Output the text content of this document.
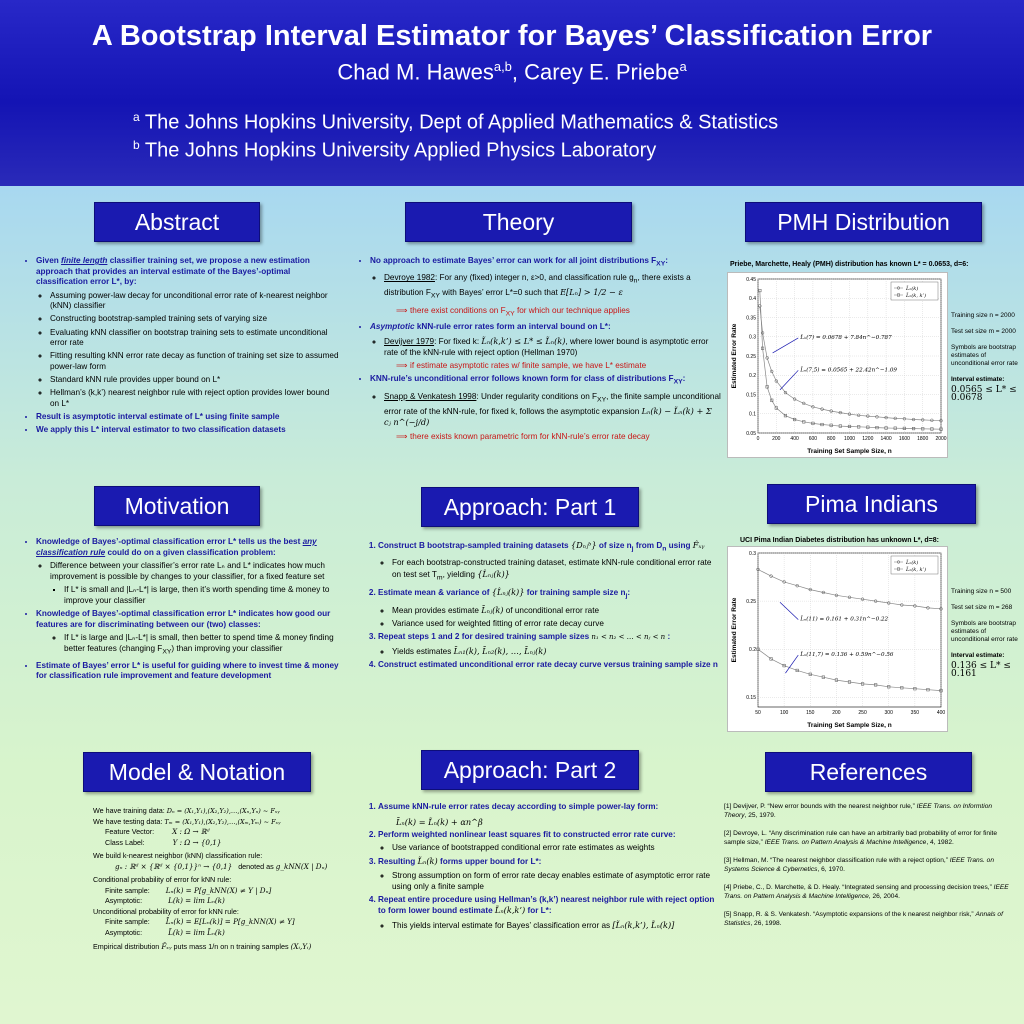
A Bootstrap Interval Estimator for Bayes’ Classification Error
Chad M. Hawes$^{a,b}$, Carey E. Priebe$^a$
$^a$ The Johns Hopkins University, Dept of Applied Mathematics & Statistics
$^b$ The Johns Hopkins University Applied Physics Laboratory
Abstract	Theory	PMH Distribution
Motivation	Approach: Part 1	Pima Indians
Model & Notation	Approach: Part 2	References
• Given finite length classifier training set, we propose a new estimation approach that provides an interval estimate of the Bayes’-optimal classification error L*, by:
◦ Assuming power-law decay for unconditional error rate of k-nearest neighbor (kNN) classifier
◦ Constructing bootstrap-sampled training sets of varying size
◦ Evaluating kNN classifier on bootstrap training sets to estimate unconditional error rate
◦ Fitting resulting kNN error rate decay as function of training set size to assumed power-law form
◦ Standard kNN rule provides upper bound on L*
◦ Hellman’s (k,k’) nearest neighbor rule with reject option provides lower bound on L*
• Result is asymptotic interval estimate of L* using finite sample
• We apply this L* interval estimator to two classification datasets
• No approach to estimate Bayes’ error can work for all joint distributions $F_{XY}$:
◦ Devroye 1982: For any (fixed) integer n, ε>0, and classification rule $g_n$, there exists a distribution $F_{XY}$ with Bayes’ error L*=0 such that E[Lₙ] > 1/2 − ε
⟹ there exist conditions on $F_{XY}$ for which our technique applies
• Asymptotic kNN-rule error rates form an interval bound on L*:
◦ Devijver 1979: For fixed k: L̃ₙ(k,k’) ≤ L* ≤ L̃ₙ(k), where lower bound is asymptotic error rate of the kNN-rule with reject option (Hellman 1970)
⟹ if estimate asymptotic rates w/ finite sample, we have L* estimate
• KNN-rule’s unconditional error follows known form for class of distributions $F_{XY}$:
◦ Snapp & Venkatesh 1998: Under regularity conditions on $F_{XY}$, the finite sample unconditional error rate of the kNN-rule, for fixed k, follows the asymptotic expansion Lₙ(k) − L̃ₙ(k) + Σ cⱼ n^(−j/d)
⟹ there exists known parametric form for kNN-rule’s error rate decay
Priebe, Marchette, Healy (PMH) distribution has known L* = 0.0653, d=6:
0	200 400 600 800 1000 1200 1400 1600 1800 2000
0.05
0.1
0.15
0.2
0.25
0.3
0.35
0.4
0.45
Training Set Sample Size, n
Estimated Error Rate
L̄ₙ(k)
L̄ₙ(k, k’)
L̃ₙ(7) = 0.0678 + 7.84n^−0.787
L̃ₙ(7,5) = 0.0565 + 22.42n^−1.09
Training size n = 2000
Test set size m = 2000
Symbols are bootstrap estimates of unconditional error rate
Interval estimate:
0.0565 ≤ L* ≤ 0.0678
• Knowledge of Bayes’-optimal classification error L* tells us the best any classification rule could do on a given classification problem:
◦ Difference between your classifier’s error rate Lₙ and L* indicates how much improvement is possible by changes to your classifier, for a fixed feature set
▪ If L* is small and |Lₙ-L*| is large, then it’s worth spending time & money to improve your classifier
• Knowledge of Bayes’-optimal classification error L* indicates how good our features are for discriminating between our (two) classes:
◦ If L* is large and |Lₙ-L*| is small, then better to spend time & money finding better features (changing $F_{XY}$) than improving your classifier
• Estimate of Bayes’ error L* is useful for guiding where to invest time & money for classification rule improvement and feature development
1. Construct B bootstrap-sampled training datasets {Dₙⱼᵇ} of size $n_j$ from $D_n$ using F̂ₓᵧ
◦ For each bootstrap-constructed training dataset, estimate kNN-rule conditional error rate on test set $T_m$, yielding {L̂ₙⱼ(k)}
2. Estimate mean & variance of {L̂ₙⱼ(k)} for training sample size $n_j$:
◦ Mean provides estimate L̄ₙⱼ(k) of unconditional error rate
◦ Variance used for weighted fitting of error rate decay curve
3. Repeat steps 1 and 2 for desired training sample sizes n₁ < n₂ < … < nⱼ < n :
◦ Yields estimates L̄ₙ₁(k), L̄ₙ₂(k), …, L̄ₙⱼ(k)
4. Construct estimated unconditional error rate decay curve versus training sample size n
UCI Pima Indian Diabetes distribution has unknown L*, d=8:
50	100	150	200	250	300	350	400
0.15
0.2
0.25
0.3
Training Set Sample Size, n
Estimated Error Rate
L̄ₙ(k)
L̄ₙ(k, k’)
L̃ₙ(11) = 0.161 + 0.31n^−0.22
L̃ₙ(11,7) = 0.136 + 0.59n^−0.56
Training size n = 500
Test set size m = 268
Symbols are bootstrap estimates of unconditional error rate
Interval estimate:
0.136 ≤ L* ≤ 0.161
We have training data: Dₙ = (X₁,Y₁),(X₂,Y₂),…,(Xₙ,Yₙ) ~ Fₓᵧ
We have testing data: Tₘ = (X₁,Y₁),(X₂,Y₂),…,(Xₘ,Yₘ) ~ Fₓᵧ
Feature Vector:	X : Ω → ℝᵈ
Class Label:	Y : Ω → {0,1}
We build k-nearest neighbor (kNN) classification rule:
gₙ : ℝᵈ × {ℝᵈ × {0,1}}ⁿ → {0,1} denoted as g_kNN(X | Dₙ)
Conditional probability of error for kNN rule:
Finite sample: Lₙ(k) = P[g_kNN(X) ≠ Y | Dₙ]
Asymptotic:	L(k) = lim Lₙ(k)
Unconditional probability of error for kNN rule:
Finite sample: L̄ₙ(k) = E[Lₙ(k)] = P[g_kNN(X) ≠ Y]
Asymptotic:	L̃(k) = lim L̄ₙ(k)
Empirical distribution F̂ₓᵧ puts mass 1/n on n training samples (Xᵢ,Yᵢ)
1. Assume kNN-rule error rates decay according to simple power-lay form:
L̄ₙ(k) = L̃ₙ(k) + αn^β
2. Perform weighted nonlinear least squares fit to constructed error rate curve:
◦ Use variance of bootstrapped conditional error rate estimates as weights
3. Resulting L̃ₙ(k) forms upper bound for L*:
◦ Strong assumption on form of error rate decay enables estimate of asymptotic error rate using only a finite sample
4. Repeat entire procedure using Hellman’s (k,k’) nearest neighbor rule with reject option to form lower bound estimate L̃ₙ(k,k’) for L*:
◦ This yields interval estimate for Bayes’ classification error as [L̃ₙ(k,k’), L̃ₙ(k)]
[1] Devijver, P. “New error bounds with the nearest neighbor rule,” IEEE Trans. on Informtion Theory, 25, 1979.
[2] Devroye, L. “Any discrimination rule can have an arbitrarily bad probability of error for finite sample size,” IEEE Trans. on Pattern Analysis & Machine Intelligence, 4, 1982.
[3] Hellman, M. “The nearest neighbor classification rule with a reject option,” IEEE Trans. on Systems Science & Cybernetics, 6, 1970.
[4] Priebe, C., D. Marchette, & D. Healy. “Integrated sensing and processing decision trees,” IEEE Trans. on Pattern Analysis & Machine Intelligence, 26, 2004.
[5] Snapp, R. & S. Venkatesh. “Asymptotic expansions of the k nearest neighbor risk,” Annals of Statistics, 26, 1998.
